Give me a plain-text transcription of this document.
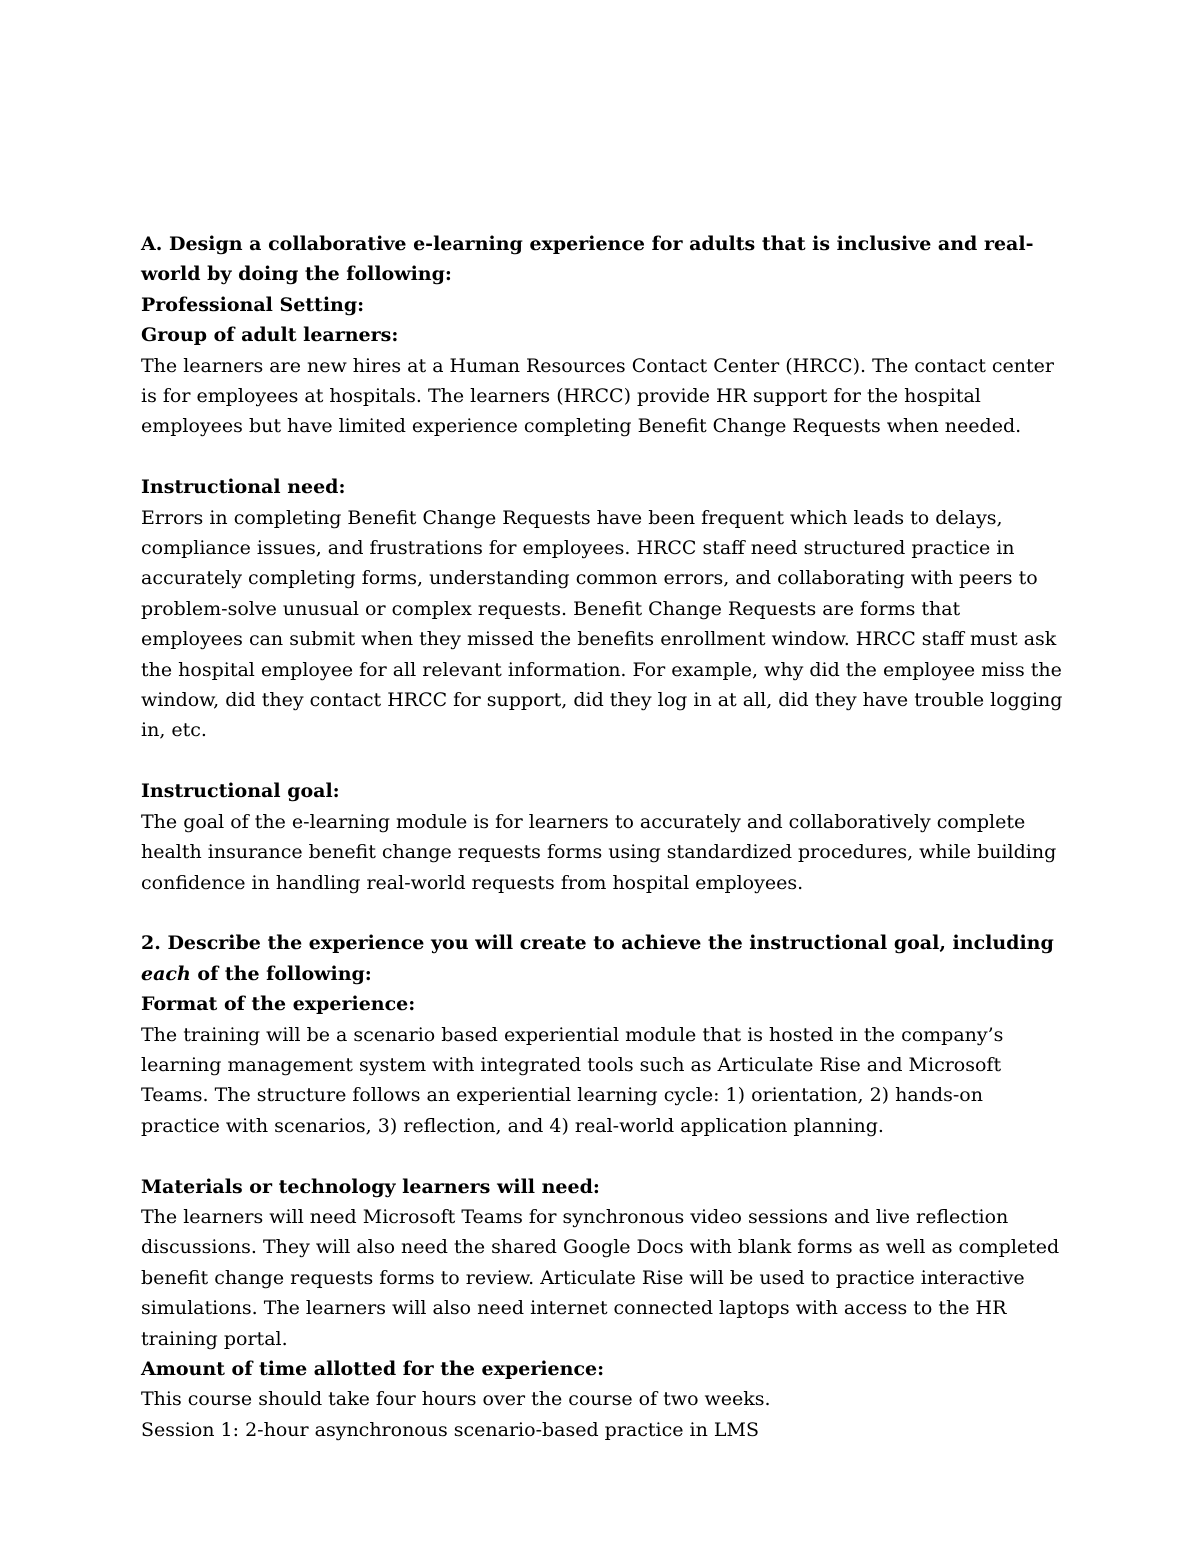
A. Design a collaborative e-learning experience for adults that is inclusive and real-world by doing the following:

Professional Setting:

Group of adult learners:

The learners are new hires at a Human Resources Contact Center (HRCC). The contact center is for employees at hospitals. The learners (HRCC) provide HR support for the hospital employees but have limited experience completing Benefit Change Requests when needed.

Instructional need:

Errors in completing Benefit Change Requests have been frequent which leads to delays, compliance issues, and frustrations for employees. HRCC staff need structured practice in accurately completing forms, understanding common errors, and collaborating with peers to problem-solve unusual or complex requests. Benefit Change Requests are forms that employees can submit when they missed the benefits enrollment window. HRCC staff must ask the hospital employee for all relevant information. For example, why did the employee miss the window, did they contact HRCC for support, did they log in at all, did they have trouble logging in, etc.

Instructional goal:

The goal of the e-learning module is for learners to accurately and collaboratively complete health insurance benefit change requests forms using standardized procedures, while building confidence in handling real-world requests from hospital employees.

2. Describe the experience you will create to achieve the instructional goal, including each of the following:

Format of the experience:

The training will be a scenario based experiential module that is hosted in the company’s learning management system with integrated tools such as Articulate Rise and Microsoft Teams. The structure follows an experiential learning cycle: 1) orientation, 2) hands-on practice with scenarios, 3) reflection, and 4) real-world application planning.

Materials or technology learners will need:

The learners will need Microsoft Teams for synchronous video sessions and live reflection discussions. They will also need the shared Google Docs with blank forms as well as completed benefit change requests forms to review. Articulate Rise will be used to practice interactive simulations. The learners will also need internet connected laptops with access to the HR training portal.

Amount of time allotted for the experience:

This course should take four hours over the course of two weeks.

Session 1: 2-hour asynchronous scenario-based practice in LMS
